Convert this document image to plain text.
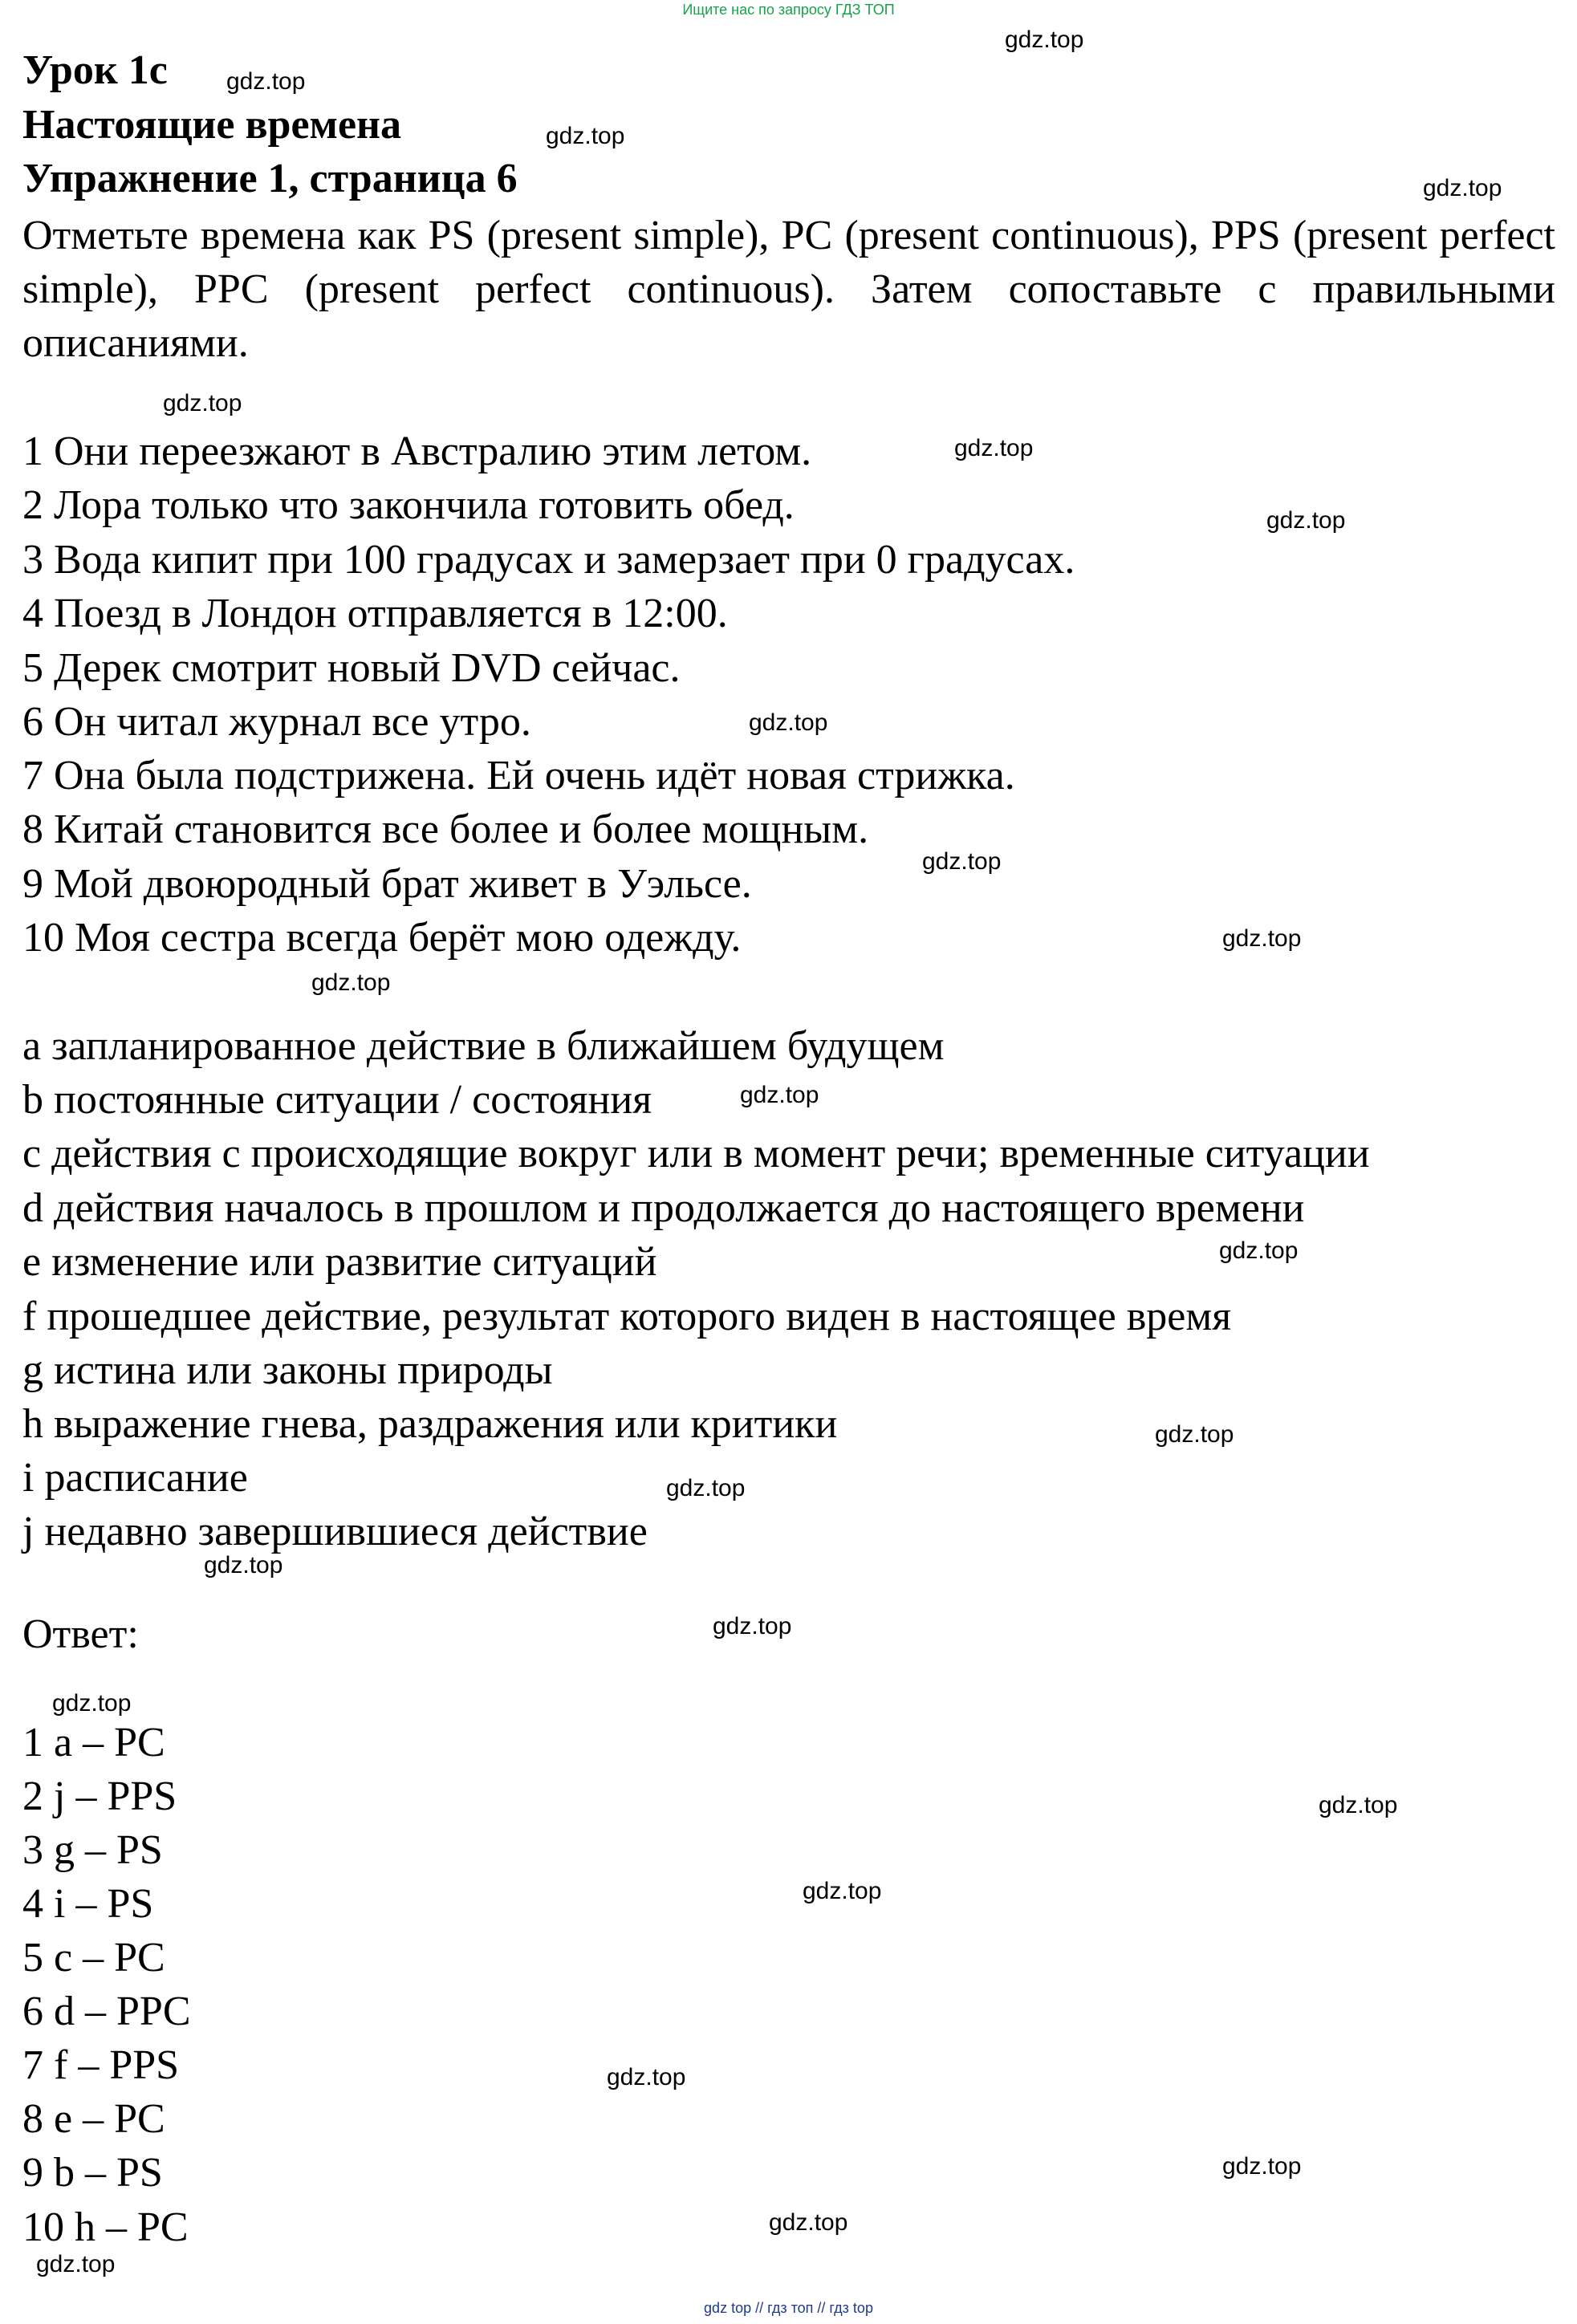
Ищите нас по запросу ГДЗ ТОП
Урок 1c
Настоящие времена
Упражнение 1, страница 6
Отметьте времена как PS (present simple), PC (present continuous), PPS (present perfect simple), PPC (present perfect continuous). Затем сопоставьте с правильными описаниями.
1 Они переезжают в Австралию этим летом.
2 Лора только что закончила готовить обед.
3 Вода кипит при 100 градусах и замерзает при 0 градусах.
4 Поезд в Лондон отправляется в 12:00.
5 Дерек смотрит новый DVD сейчас.
6 Он читал журнал все утро.
7 Она была подстрижена. Ей очень идёт новая стрижка.
8 Китай становится все более и более мощным.
9 Мой двоюродный брат живет в Уэльсе.
10 Моя сестра всегда берёт мою одежду.
a запланированное действие в ближайшем будущем
b постоянные ситуации / состояния
c действия с происходящие вокруг или в момент речи; временные ситуации
d действия началось в прошлом и продолжается до настоящего времени
e изменение или развитие ситуаций
f прошедшее действие, результат которого виден в настоящее время
g истина или законы природы
h выражение гнева, раздражения или критики
i расписание
j недавно завершившиеся действие
Ответ:
1 a – PC
2 j – PPS
3 g – PS
4 i – PS
5 c – PC
6 d – PPC
7 f – PPS
8 e – PC
9 b – PS
10 h – PC
gdz.top
gdz.top
gdz.top
gdz.top
gdz.top
gdz.top
gdz.top
gdz.top
gdz.top
gdz.top
gdz.top
gdz.top
gdz.top
gdz.top
gdz.top
gdz.top
gdz.top
gdz.top
gdz.top
gdz.top
gdz.top
gdz.top
gdz.top
gdz.top
gdz top // гдз топ // гдз top
